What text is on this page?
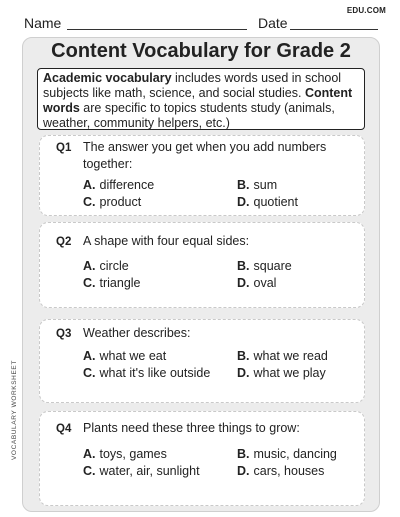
Name	Date
EDU.COM
Content Vocabulary for Grade 2
Academic vocabulary includes words used in school subjects like math, science, and social studies. Content words are specific to topics students study (animals, weather, community helpers, etc.)
Q1 The answer you get when you add numbers together:
A. difference	B. sum
C. product	D. quotient
Q2 A shape with four equal sides:
A. circle	B. square
C. triangle	D. oval
Q3 Weather describes:
A. what we eat	B. what we read
C. what it's like outside D. what we play
Q4 Plants need these three things to grow:
A. toys, games	B. music, dancing
C. water, air, sunlight	D. cars, houses
VOCABULARY WORKSHEET
